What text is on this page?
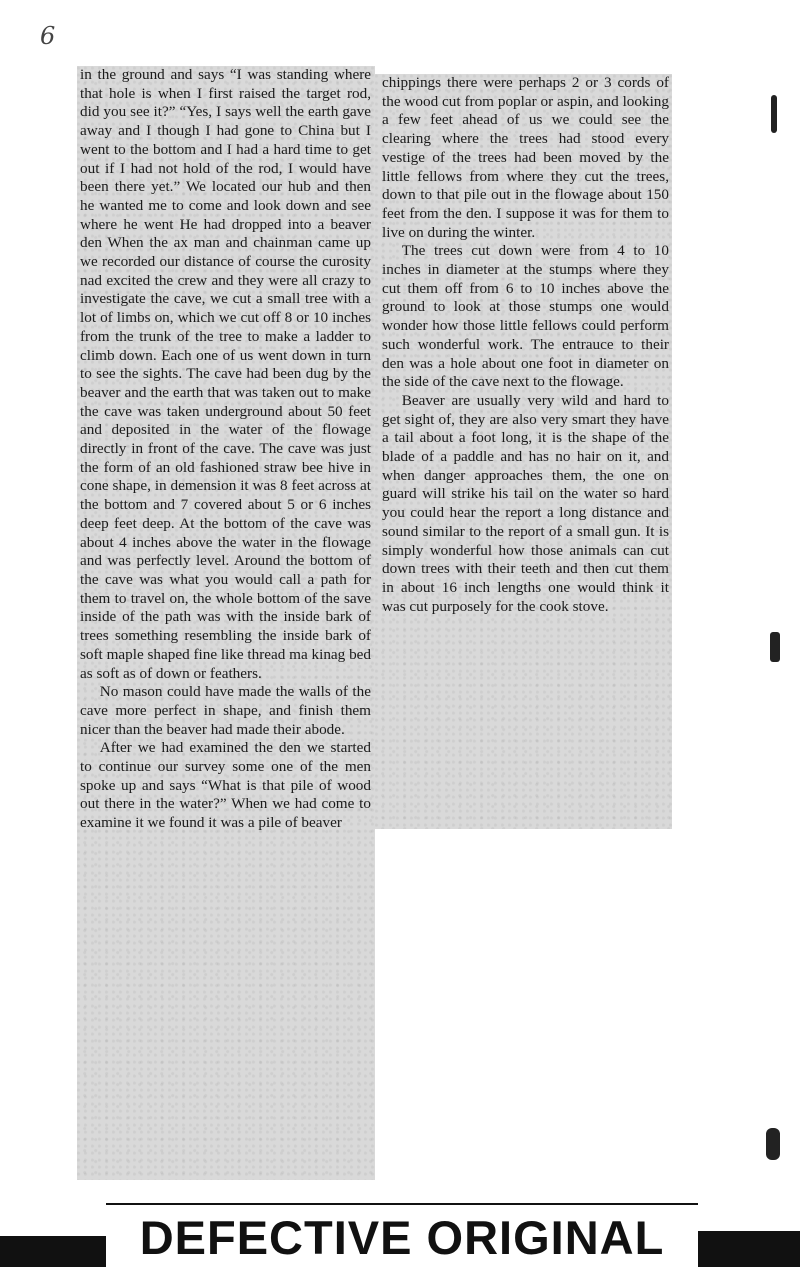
6

in the ground and says “I was standing where that hole is when I first raised the target rod, did you see it?” “Yes, I says well the earth gave away and I though I had gone to China but I went to the bottom and I had a hard time to get out if I had not hold of the rod, I would have been there yet.” We located our hub and then he wanted me to come and look down and see where he went He had dropped into a beaver den When the ax man and chainman came up we recorded our distance of course the curosity nad excited the crew and they were all crazy to investigate the cave, we cut a small tree with a lot of limbs on, which we cut off 8 or 10 inches from the trunk of the tree to make a ladder to climb down. Each one of us went down in turn to see the sights. The cave had been dug by the beaver and the earth that was taken out to make the cave was taken underground about 50 feet and deposited in the water of the flowage directly in front of the cave. The cave was just the form of an old fashioned straw bee hive in cone shape, in demension it was 8 feet across at the bottom and 7 covered about 5 or 6 inches deep feet deep. At the bottom of the cave was about 4 inches above the water in the flowage and was perfectly level. Around the bottom of the cave was what you would call a path for them to travel on, the whole bottom of the save inside of the path was with the inside bark of trees something resembling the inside bark of soft maple shaped fine like thread ma kinag bed as soft as of down or feathers.

No mason could have made the walls of the cave more perfect in shape, and finish them nicer than the beaver had made their abode.

After we had examined the den we started to continue our survey some one of the men spoke up and says “What is that pile of wood out there in the water?” When we had come to examine it we found it was a pile of beaver

chippings there were perhaps 2 or 3 cords of the wood cut from poplar or aspin, and looking a few feet ahead of us we could see the clearing where the trees had stood every vestige of the trees had been moved by the little fellows from where they cut the trees, down to that pile out in the flowage about 150 feet from the den. I suppose it was for them to live on during the winter.

The trees cut down were from 4 to 10 inches in diameter at the stumps where they cut them off from 6 to 10 inches above the ground to look at those stumps one would wonder how those little fellows could perform such wonderful work. The entrauce to their den was a hole about one foot in diameter on the side of the cave next to the flowage.

Beaver are usually very wild and hard to get sight of, they are also very smart they have a tail about a foot long, it is the shape of the blade of a paddle and has no hair on it, and when danger approaches them, the one on guard will strike his tail on the water so hard you could hear the report a long distance and sound similar to the report of a small gun. It is simply wonderful how those animals can cut down trees with their teeth and then cut them in about 16 inch lengths one would think it was cut purposely for the cook stove.

DEFECTIVE ORIGINAL
